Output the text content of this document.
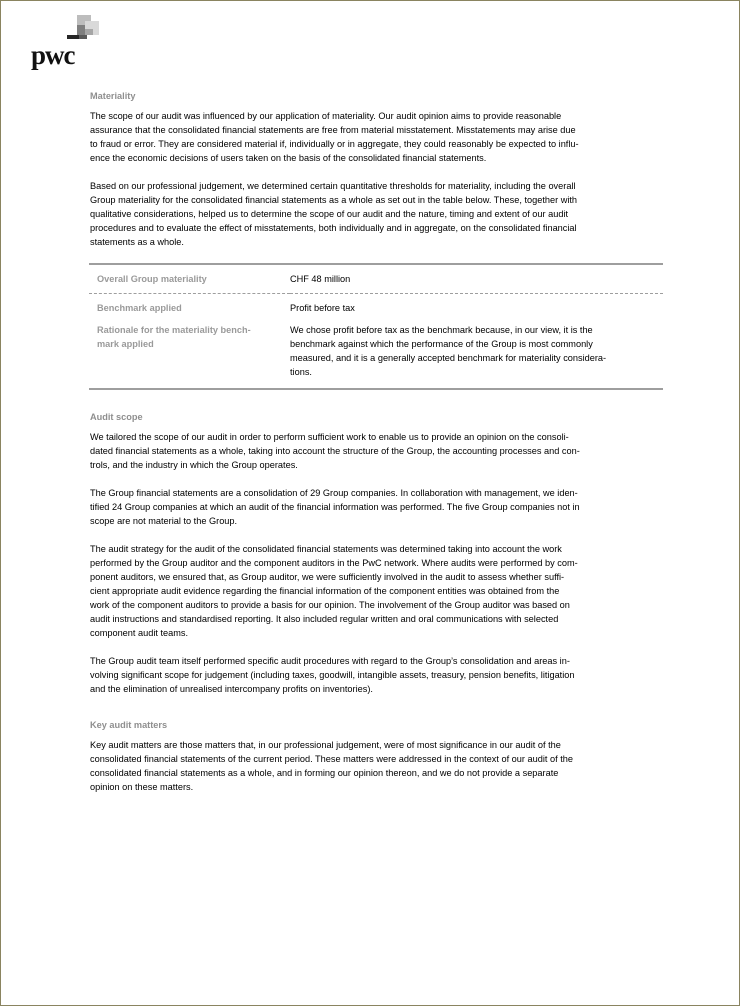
pwc
Materiality

The scope of our audit was influenced by our application of materiality. Our audit opinion aims to provide reasonable
assurance that the consolidated financial statements are free from material misstatement. Misstatements may arise due
to fraud or error. They are considered material if, individually or in aggregate, they could reasonably be expected to influ-
ence the economic decisions of users taken on the basis of the consolidated financial statements.

Based on our professional judgement, we determined certain quantitative thresholds for materiality, including the overall
Group materiality for the consolidated financial statements as a whole as set out in the table below. These, together with
qualitative considerations, helped us to determine the scope of our audit and the nature, timing and extent of our audit
procedures and to evaluate the effect of misstatements, both individually and in aggregate, on the consolidated financial
statements as a whole.

Overall Group materiality	CHF 48 million
Benchmark applied	Profit before tax
Rationale for the materiality bench-
mark applied	We chose profit before tax as the benchmark because, in our view, it is the
benchmark against which the performance of the Group is most commonly
measured, and it is a generally accepted benchmark for materiality considera-
tions.
Audit scope

We tailored the scope of our audit in order to perform sufficient work to enable us to provide an opinion on the consoli-
dated financial statements as a whole, taking into account the structure of the Group, the accounting processes and con-
trols, and the industry in which the Group operates.

The Group financial statements are a consolidation of 29 Group companies. In collaboration with management, we iden-
tified 24 Group companies at which an audit of the financial information was performed. The five Group companies not in
scope are not material to the Group.

The audit strategy for the audit of the consolidated financial statements was determined taking into account the work
performed by the Group auditor and the component auditors in the PwC network. Where audits were performed by com-
ponent auditors, we ensured that, as Group auditor, we were sufficiently involved in the audit to assess whether suffi-
cient appropriate audit evidence regarding the financial information of the component entities was obtained from the
work of the component auditors to provide a basis for our opinion. The involvement of the Group auditor was based on
audit instructions and standardised reporting. It also included regular written and oral communications with selected
component audit teams.

The Group audit team itself performed specific audit procedures with regard to the Group’s consolidation and areas in-
volving significant scope for judgement (including taxes, goodwill, intangible assets, treasury, pension benefits, litigation
and the elimination of unrealised intercompany profits on inventories).

Key audit matters

Key audit matters are those matters that, in our professional judgement, were of most significance in our audit of the
consolidated financial statements of the current period. These matters were addressed in the context of our audit of the
consolidated financial statements as a whole, and in forming our opinion thereon, and we do not provide a separate
opinion on these matters.
